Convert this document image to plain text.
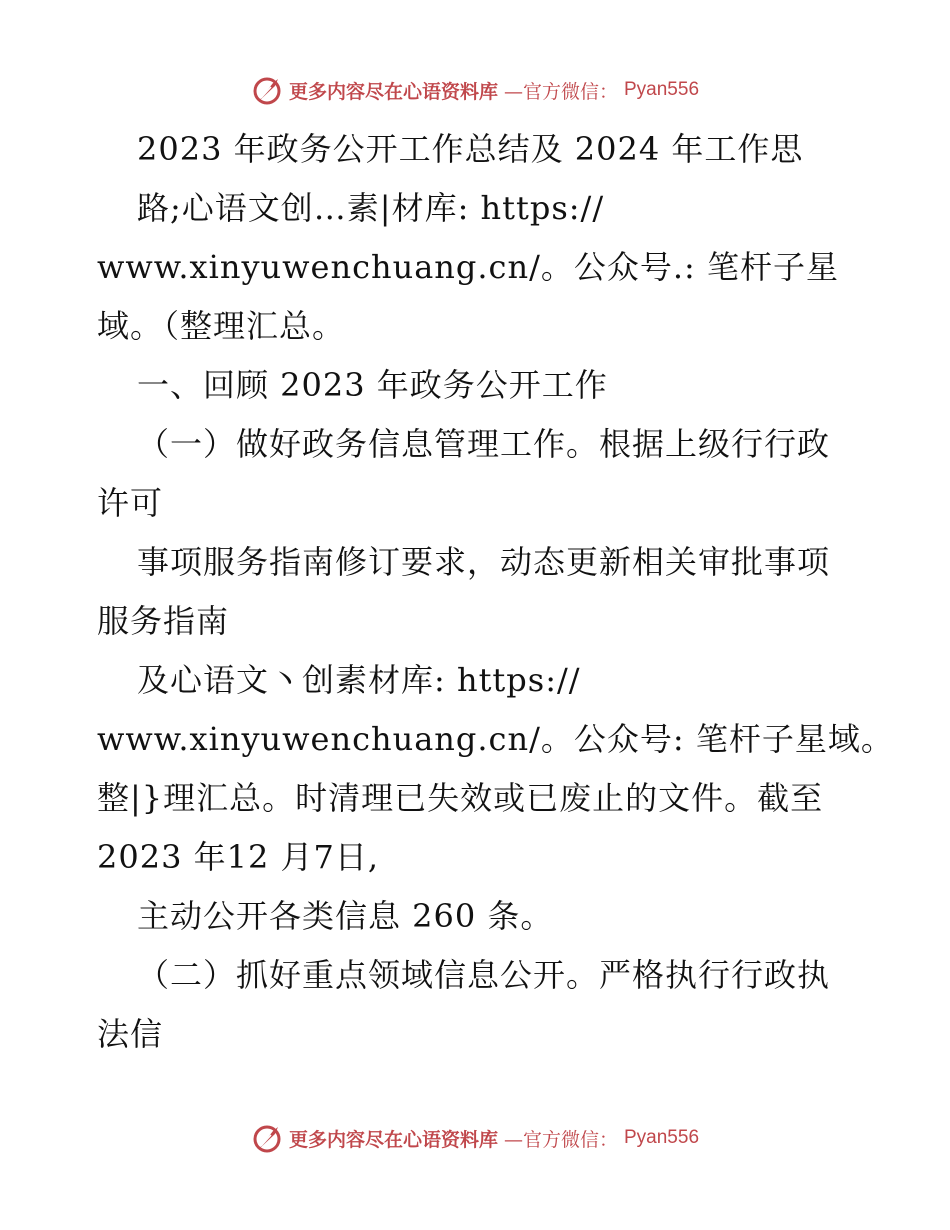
更多内容尽在心语资料库 —官方微信： Pyan556
2023 年政务公开工作总结及 2024 年工作思
路;心语文创…素|材库: https://
www.xinyuwenchuang.cn/。公众号.: 笔杆子星
域。（整理汇总。
一、回顾 2023 年政务公开工作
（一）做好政务信息管理工作。根据上级行行政
许可
事项服务指南修订要求，动态更新相关审批事项
服务指南
及心语文丶创素材库: https://
www.xinyuwenchuang.cn/。公众号: 笔杆子星域。
整|}理汇总。时清理已失效或已废止的文件。截至
2023 年12 月7日,
主动公开各类信息 260 条。
（二）抓好重点领域信息公开。严格执行行政执
法信
更多内容尽在心语资料库 —官方微信： Pyan556
